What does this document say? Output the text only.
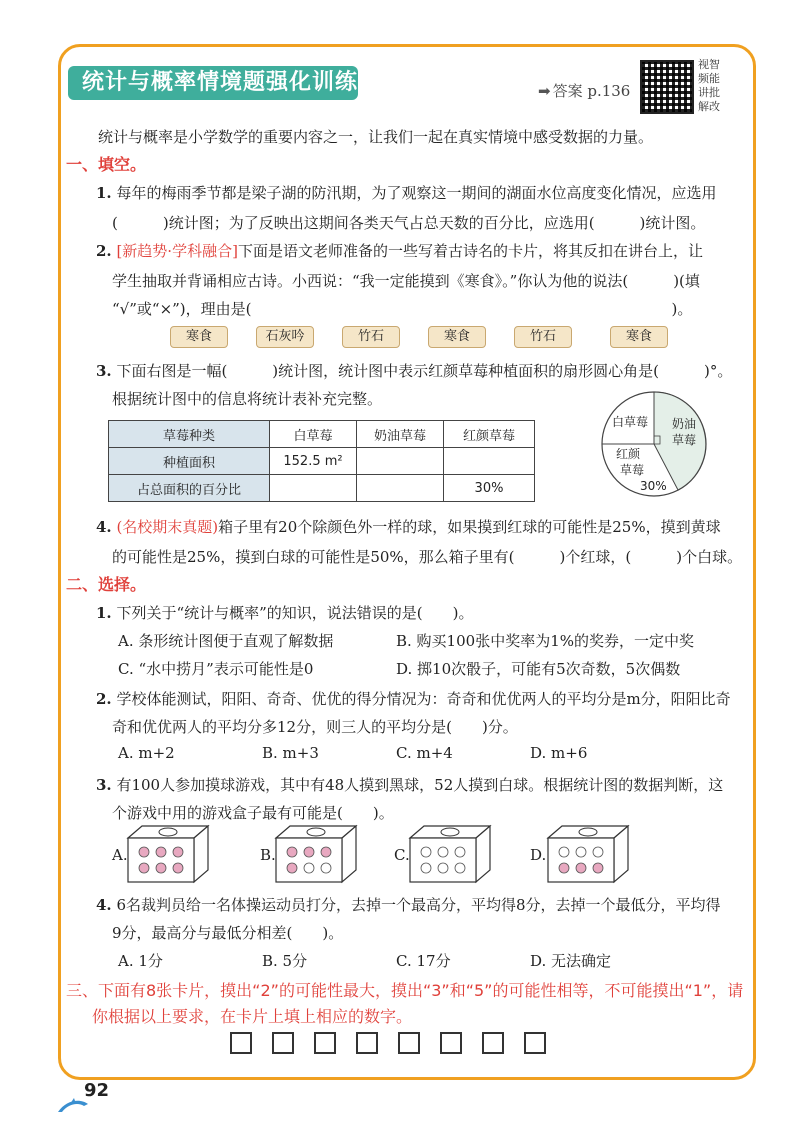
统计与概率情境题强化训练	➡ 答案 p.136
视智频能讲批解改
统计与概率是小学数学的重要内容之一，让我们一起在真实情境中感受数据的力量。
一、填空。
1. 每年的梅雨季节都是梁子湖的防汛期，为了观察这一期间的湖面水位高度变化情况，应选用
(　　　)统计图；为了反映出这期间各类天气占总天数的百分比，应选用(　　　)统计图。
2. [新趋势·学科融合]下面是语文老师准备的一些写着古诗名的卡片，将其反扣在讲台上，让
学生抽取并背诵相应古诗。小西说：“我一定能摸到《寒食》。”你认为他的说法(　　　)(填
“√”或“×”)，理由是(　　　　　　　　　　　　　　　　　　　　　　　　　　　　)。
寒食	石灰吟	竹石	寒食	竹石	寒食
3. 下面右图是一幅(　　　)统计图，统计图中表示红颜草莓种植面积的扇形圆心角是(　　　)°。
根据统计图中的信息将统计表补充完整。
草莓种类	白草莓	奶油草莓	红颜草莓
种植面积	152.5 m²		
占总面积的百分比			30%
白草莓 奶油草莓
红颜草莓
30%
4. (名校期末真题)箱子里有20个除颜色外一样的球，如果摸到红球的可能性是25%，摸到黄球
的可能性是25%，摸到白球的可能性是50%，那么箱子里有(　　　)个红球，(　　　)个白球。
二、选择。
1. 下列关于“统计与概率”的知识，说法错误的是(　　)。
A. 条形统计图便于直观了解数据	B. 购买100张中奖率为1%的奖券，一定中奖
C. “水中捞月”表示可能性是0	D. 掷10次骰子，可能有5次奇数，5次偶数
2. 学校体能测试，阳阳、奇奇、优优的得分情况为：奇奇和优优两人的平均分是m分，阳阳比奇
奇和优优两人的平均分多12分，则三人的平均分是(　　)分。
A. m+2	B. m+3	C. m+4	D. m+6
3. 有100人参加摸球游戏，其中有48人摸到黑球，52人摸到白球。根据统计图的数据判断，这
个游戏中用的游戏盒子最有可能是(　　)。
A.	B.	C.	D.
4. 6名裁判员给一名体操运动员打分，去掉一个最高分，平均得8分，去掉一个最低分，平均得
9分，最高分与最低分相差(　　)。
A. 1分	B. 5分	C. 17分	D. 无法确定
三、下面有8张卡片，摸出“2”的可能性最大，摸出“3”和“5”的可能性相等，不可能摸出“1”，请
你根据以上要求，在卡片上填上相应的数字。
92
